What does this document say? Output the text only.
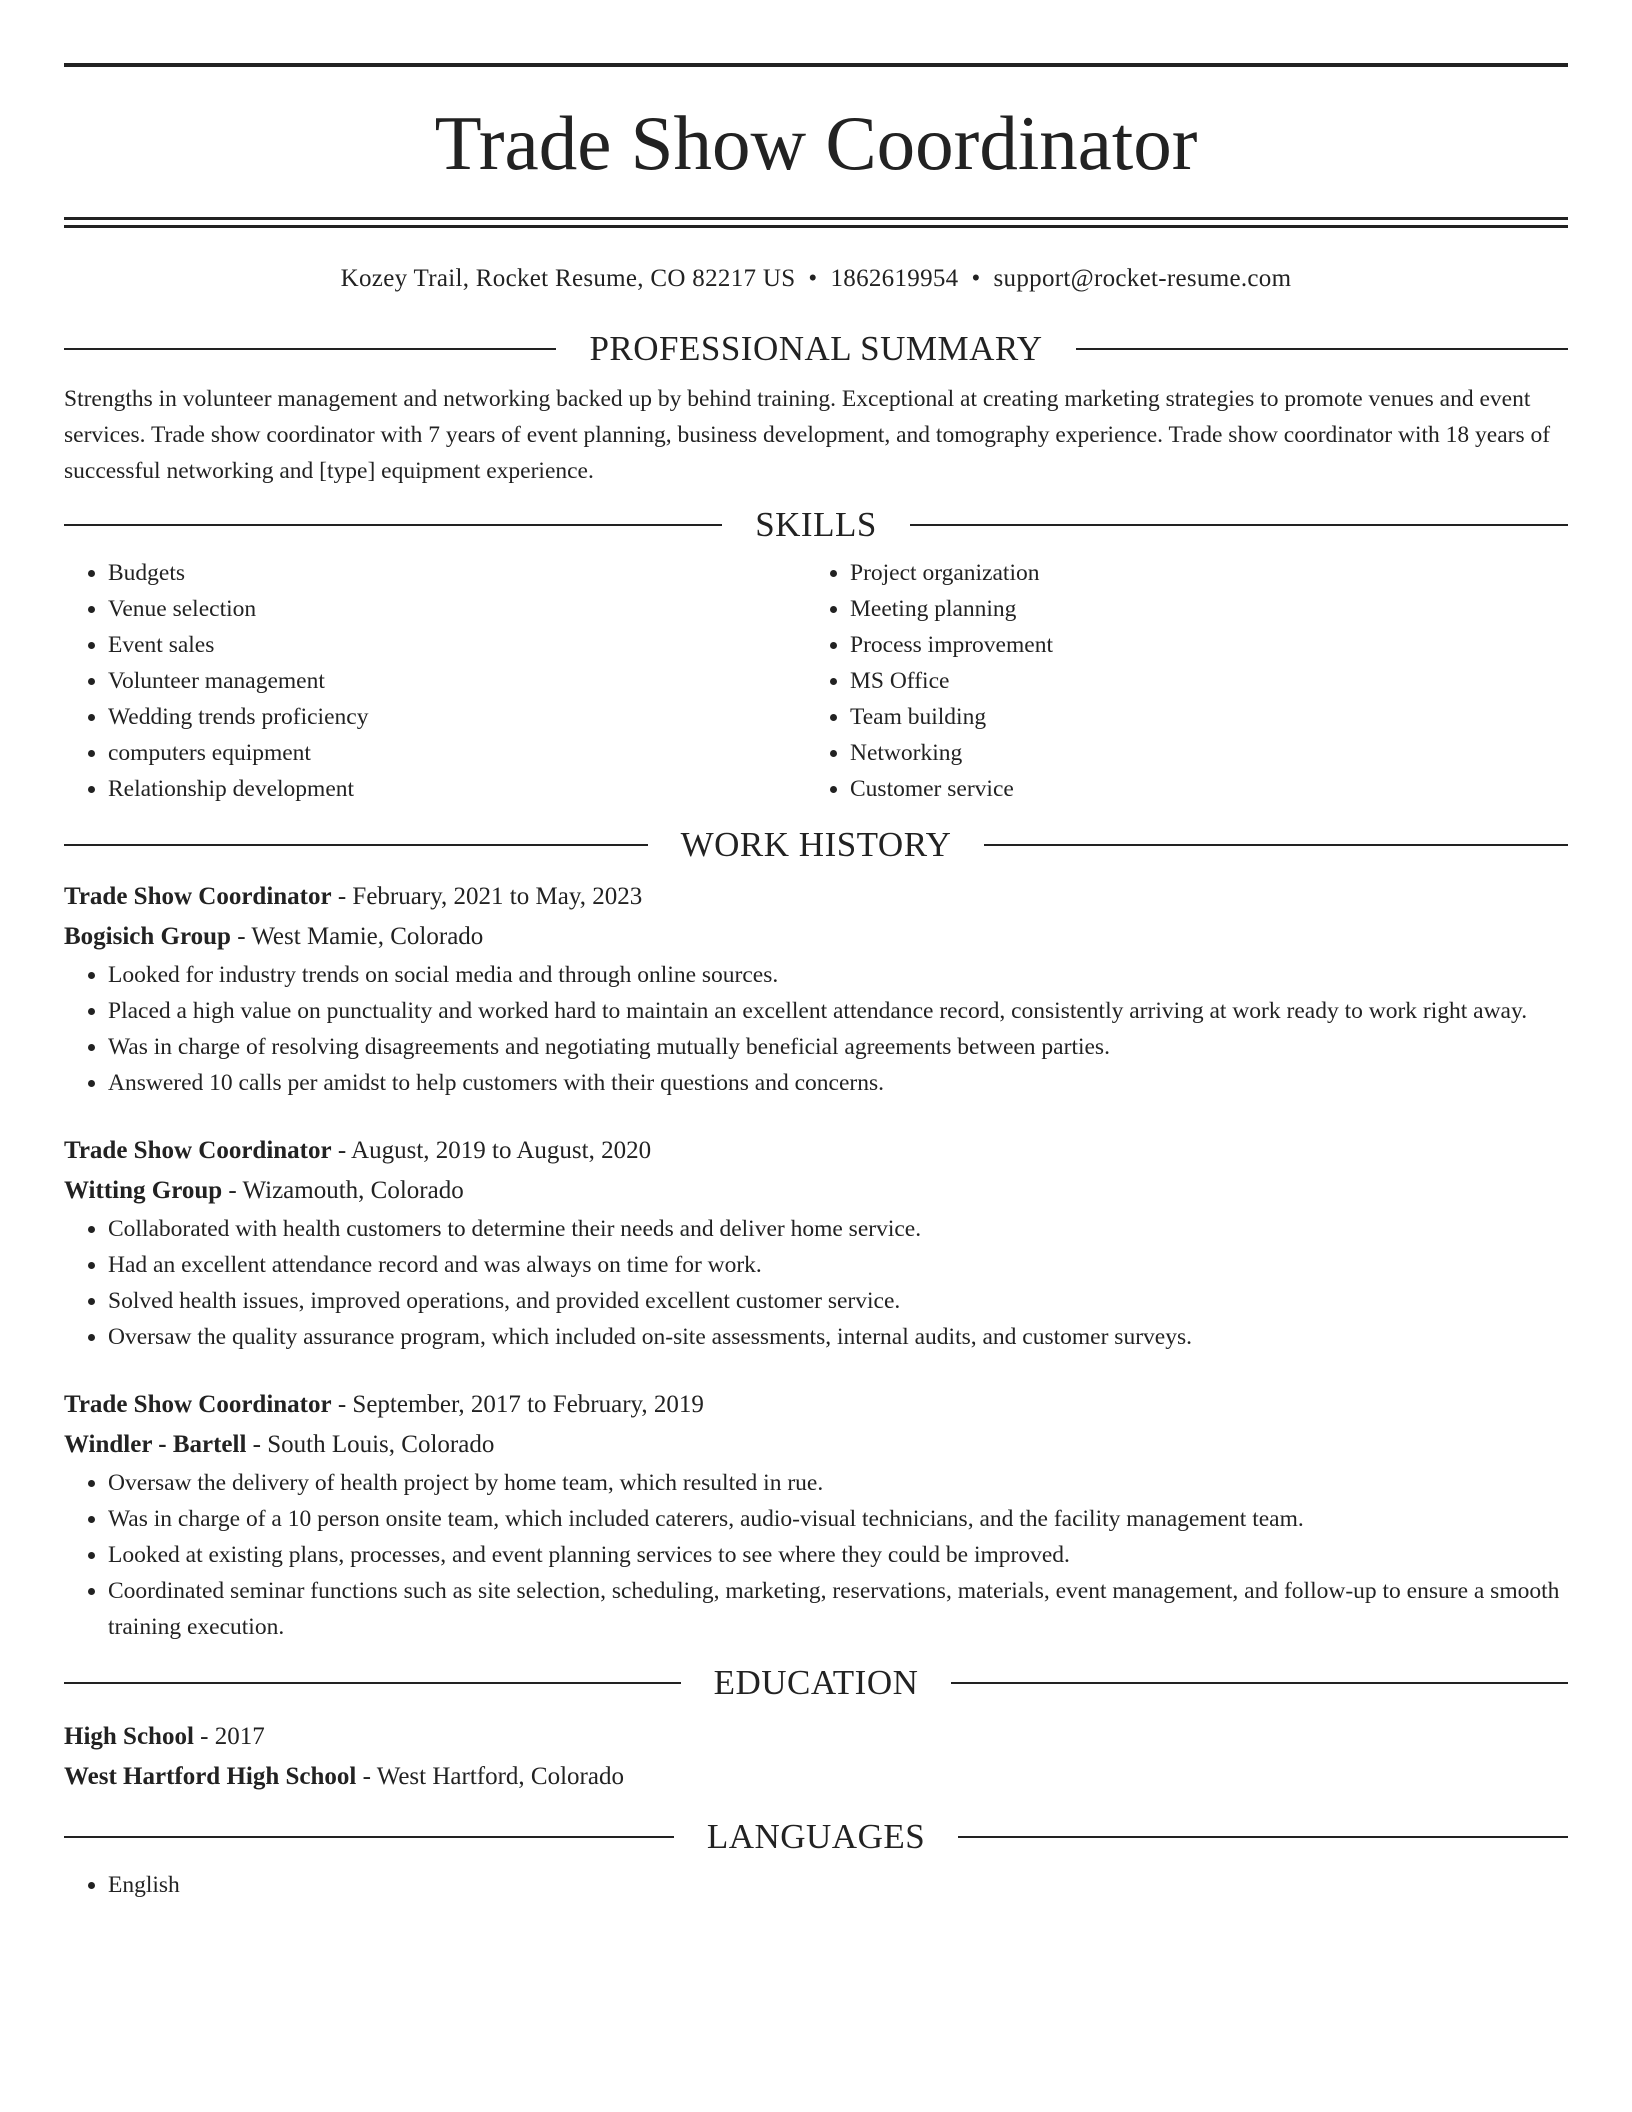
Trade Show Coordinator
Kozey Trail, Rocket Resume, CO 82217 US • 1862619954 • support@rocket-resume.com
PROFESSIONAL SUMMARY

Strengths in volunteer management and networking backed up by behind training. Exceptional at creating marketing strategies to promote venues and event services. Trade show coordinator with 7 years of event planning, business development, and tomography experience. Trade show coordinator with 18 years of successful networking and [type] equipment experience.

SKILLS
• Budgets
• Venue selection
• Event sales
• Volunteer management
• Wedding trends proficiency
• computers equipment
• Relationship development
• Project organization
• Meeting planning
• Process improvement
• MS Office
• Team building
• Networking
• Customer service
WORK HISTORY
Trade Show Coordinator - February, 2021 to May, 2023
Bogisich Group - West Mamie, Colorado
• Looked for industry trends on social media and through online sources.
• Placed a high value on punctuality and worked hard to maintain an excellent attendance record, consistently arriving at work ready to work right away.
• Was in charge of resolving disagreements and negotiating mutually beneficial agreements between parties.
• Answered 10 calls per amidst to help customers with their questions and concerns.
Trade Show Coordinator - August, 2019 to August, 2020
Witting Group - Wizamouth, Colorado
• Collaborated with health customers to determine their needs and deliver home service.
• Had an excellent attendance record and was always on time for work.
• Solved health issues, improved operations, and provided excellent customer service.
• Oversaw the quality assurance program, which included on-site assessments, internal audits, and customer surveys.
Trade Show Coordinator - September, 2017 to February, 2019
Windler - Bartell - South Louis, Colorado
• Oversaw the delivery of health project by home team, which resulted in rue.
• Was in charge of a 10 person onsite team, which included caterers, audio-visual technicians, and the facility management team.
• Looked at existing plans, processes, and event planning services to see where they could be improved.
• Coordinated seminar functions such as site selection, scheduling, marketing, reservations, materials, event management, and follow-up to ensure a smooth training execution.
EDUCATION
High School - 2017
West Hartford High School - West Hartford, Colorado
LANGUAGES
• English
